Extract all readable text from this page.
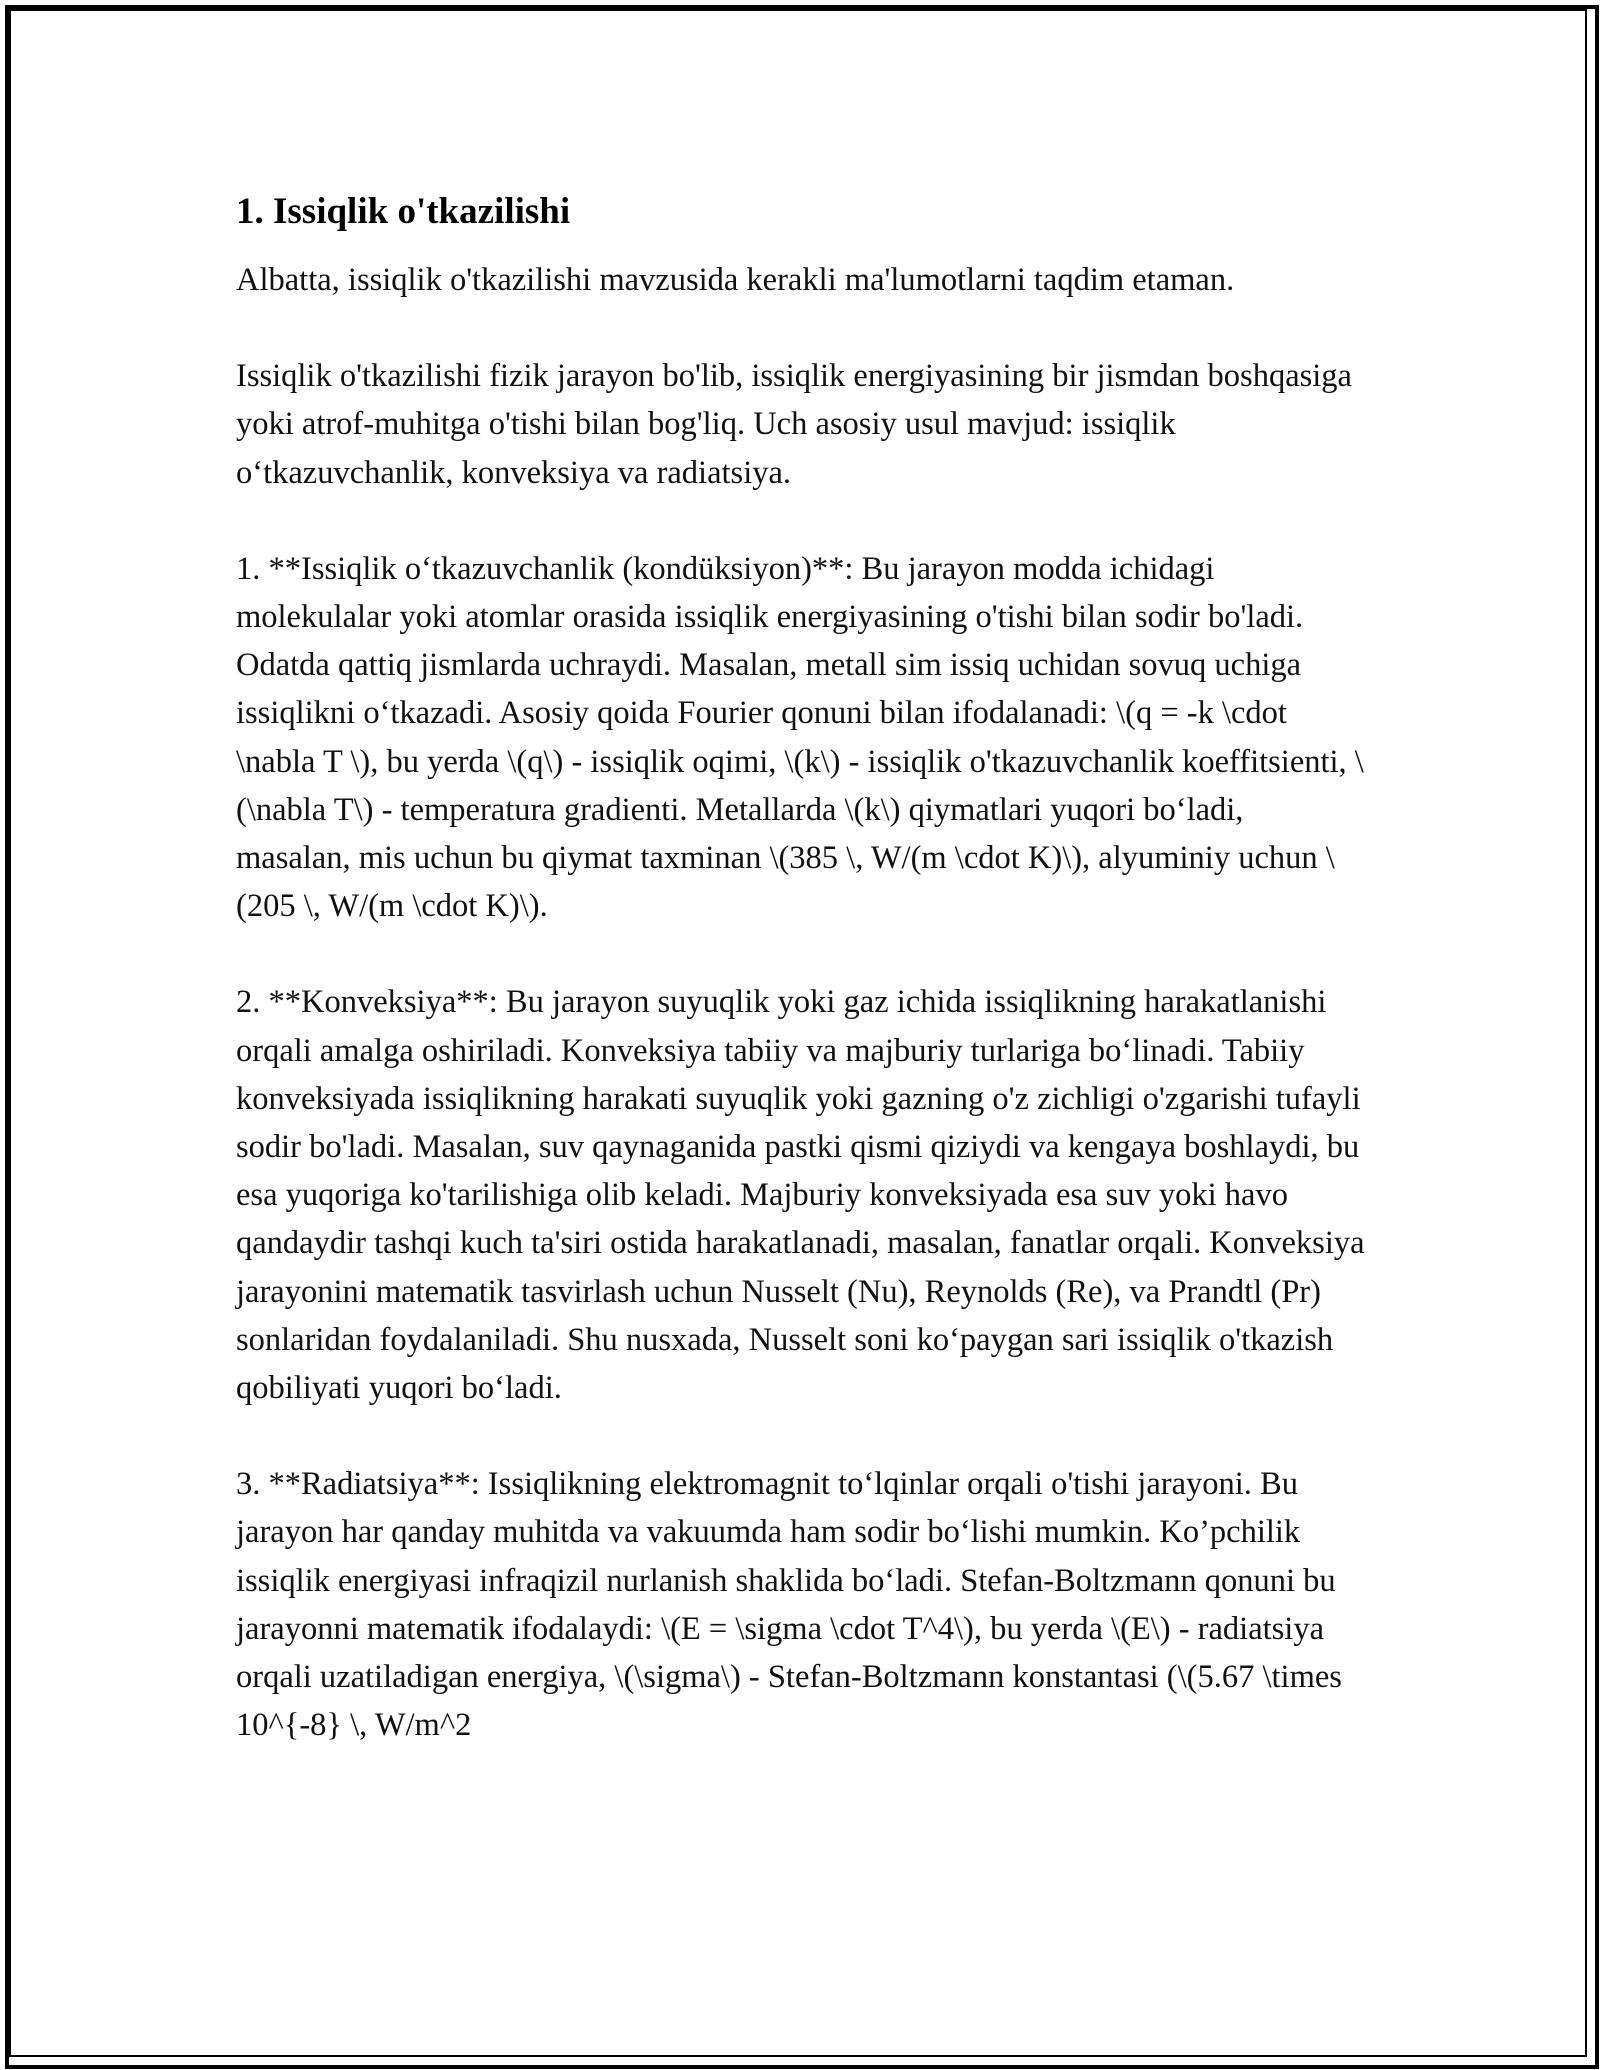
1. Issiqlik o'tkazilishi

Albatta, issiqlik o'tkazilishi mavzusida kerakli ma'lumotlarni taqdim etaman.

Issiqlik o'tkazilishi fizik jarayon bo'lib, issiqlik energiyasining bir jismdan boshqasiga yoki atrof-muhitga o'tishi bilan bog'liq. Uch asosiy usul mavjud: issiqlik o‘tkazuvchanlik, konveksiya va radiatsiya.

1. **Issiqlik o‘tkazuvchanlik (kondüksiyon)**: Bu jarayon modda ichidagi molekulalar yoki atomlar orasida issiqlik energiyasining o'tishi bilan sodir bo'ladi. Odatda qattiq jismlarda uchraydi. Masalan, metall sim issiq uchidan sovuq uchiga issiqlikni o‘tkazadi. Asosiy qoida Fourier qonuni bilan ifodalanadi: \(q = -k \cdot \nabla T \), bu yerda \(q\) - issiqlik oqimi, \(k\) - issiqlik o'tkazuvchanlik koeffitsienti, \(\nabla T\) - temperatura gradienti. Metallarda \(k\) qiymatlari yuqori bo‘ladi, masalan, mis uchun bu qiymat taxminan \(385 \, W/(m \cdot K)\), alyuminiy uchun \(205 \, W/(m \cdot K)\).

2. **Konveksiya**: Bu jarayon suyuqlik yoki gaz ichida issiqlikning harakatlanishi orqali amalga oshiriladi. Konveksiya tabiiy va majburiy turlariga bo‘linadi. Tabiiy konveksiyada issiqlikning harakati suyuqlik yoki gazning o'z zichligi o'zgarishi tufayli sodir bo'ladi. Masalan, suv qaynaganida pastki qismi qiziydi va kengaya boshlaydi, bu esa yuqoriga ko'tarilishiga olib keladi. Majburiy konveksiyada esa suv yoki havo qandaydir tashqi kuch ta'siri ostida harakatlanadi, masalan, fanatlar orqali. Konveksiya jarayonini matematik tasvirlash uchun Nusselt (Nu), Reynolds (Re), va Prandtl (Pr) sonlaridan foydalaniladi. Shu nusxada, Nusselt soni ko‘paygan sari issiqlik o'tkazish qobiliyati yuqori bo‘ladi.

3. **Radiatsiya**: Issiqlikning elektromagnit to‘lqinlar orqali o'tishi jarayoni. Bu jarayon har qanday muhitda va vakuumda ham sodir bo‘lishi mumkin. Ko’pchilik issiqlik energiyasi infraqizil nurlanish shaklida bo‘ladi. Stefan-Boltzmann qonuni bu jarayonni matematik ifodalaydi: \(E = \sigma \cdot T^4\), bu yerda \(E\) - radiatsiya orqali uzatiladigan energiya, \(\sigma\) - Stefan-Boltzmann konstantasi (\(5.67 \times 10^{-8} \, W/m^2
